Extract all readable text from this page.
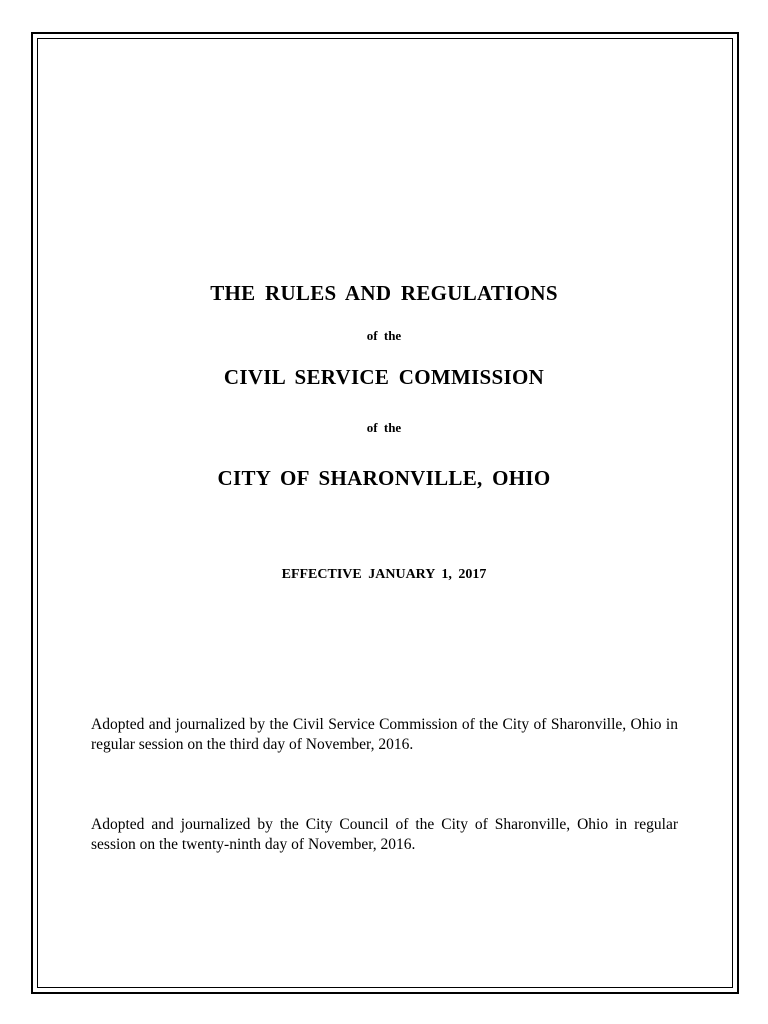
THE RULES AND REGULATIONS

of the

CIVIL SERVICE COMMISSION

of the

CITY OF SHARONVILLE, OHIO

EFFECTIVE JANUARY 1, 2017

Adopted and journalized by the Civil Service Commission of the City of Sharonville, Ohio in regular session on the third day of November, 2016.

Adopted and journalized by the City Council of the City of Sharonville, Ohio in regular session on the twenty-ninth day of November, 2016.
